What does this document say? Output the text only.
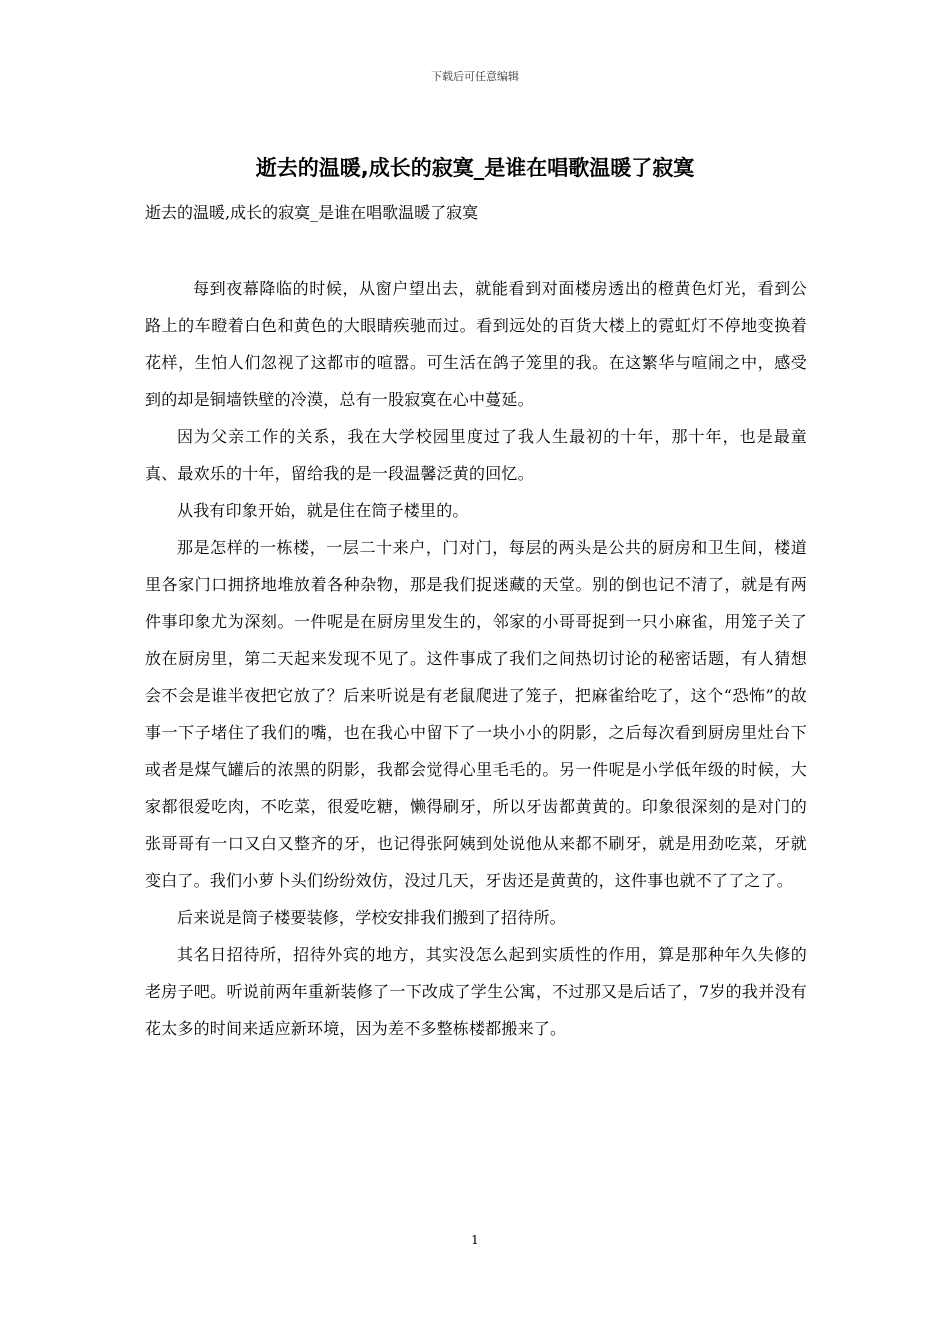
下载后可任意编辑
逝去的温暖,成长的寂寞_是谁在唱歌温暖了寂寞

逝去的温暖,成长的寂寞_是谁在唱歌温暖了寂寞

每到夜幕降临的时候，从窗户望出去，就能看到对面楼房透出的橙黄色灯光，看到公路上的车瞪着白色和黄色的大眼睛疾驰而过。看到远处的百货大楼上的霓虹灯不停地变换着花样，生怕人们忽视了这都市的喧嚣。可生活在鸽子笼里的我。在这繁华与喧闹之中，感受到的却是铜墙铁壁的冷漠，总有一股寂寞在心中蔓延。

因为父亲工作的关系，我在大学校园里度过了我人生最初的十年，那十年，也是最童真、最欢乐的十年，留给我的是一段温馨泛黄的回忆。

从我有印象开始，就是住在筒子楼里的。

那是怎样的一栋楼，一层二十来户，门对门，每层的两头是公共的厨房和卫生间，楼道里各家门口拥挤地堆放着各种杂物，那是我们捉迷藏的天堂。别的倒也记不清了，就是有两件事印象尤为深刻。一件呢是在厨房里发生的，邻家的小哥哥捉到一只小麻雀，用笼子关了放在厨房里，第二天起来发现不见了。这件事成了我们之间热切讨论的秘密话题，有人猜想会不会是谁半夜把它放了？后来听说是有老鼠爬进了笼子，把麻雀给吃了，这个“恐怖”的故事一下子堵住了我们的嘴，也在我心中留下了一块小小的阴影，之后每次看到厨房里灶台下或者是煤气罐后的浓黑的阴影，我都会觉得心里毛毛的。另一件呢是小学低年级的时候，大家都很爱吃肉，不吃菜，很爱吃糖，懒得刷牙，所以牙齿都黄黄的。印象很深刻的是对门的张哥哥有一口又白又整齐的牙，也记得张阿姨到处说他从来都不刷牙，就是用劲吃菜，牙就变白了。我们小萝卜头们纷纷效仿，没过几天，牙齿还是黄黄的，这件事也就不了了之了。

后来说是筒子楼要装修，学校安排我们搬到了招待所。

其名日招待所，招待外宾的地方，其实没怎么起到实质性的作用，算是那种年久失修的老房子吧。听说前两年重新装修了一下改成了学生公寓，不过那又是后话了，7岁的我并没有花太多的时间来适应新环境，因为差不多整栋楼都搬来了。

1
